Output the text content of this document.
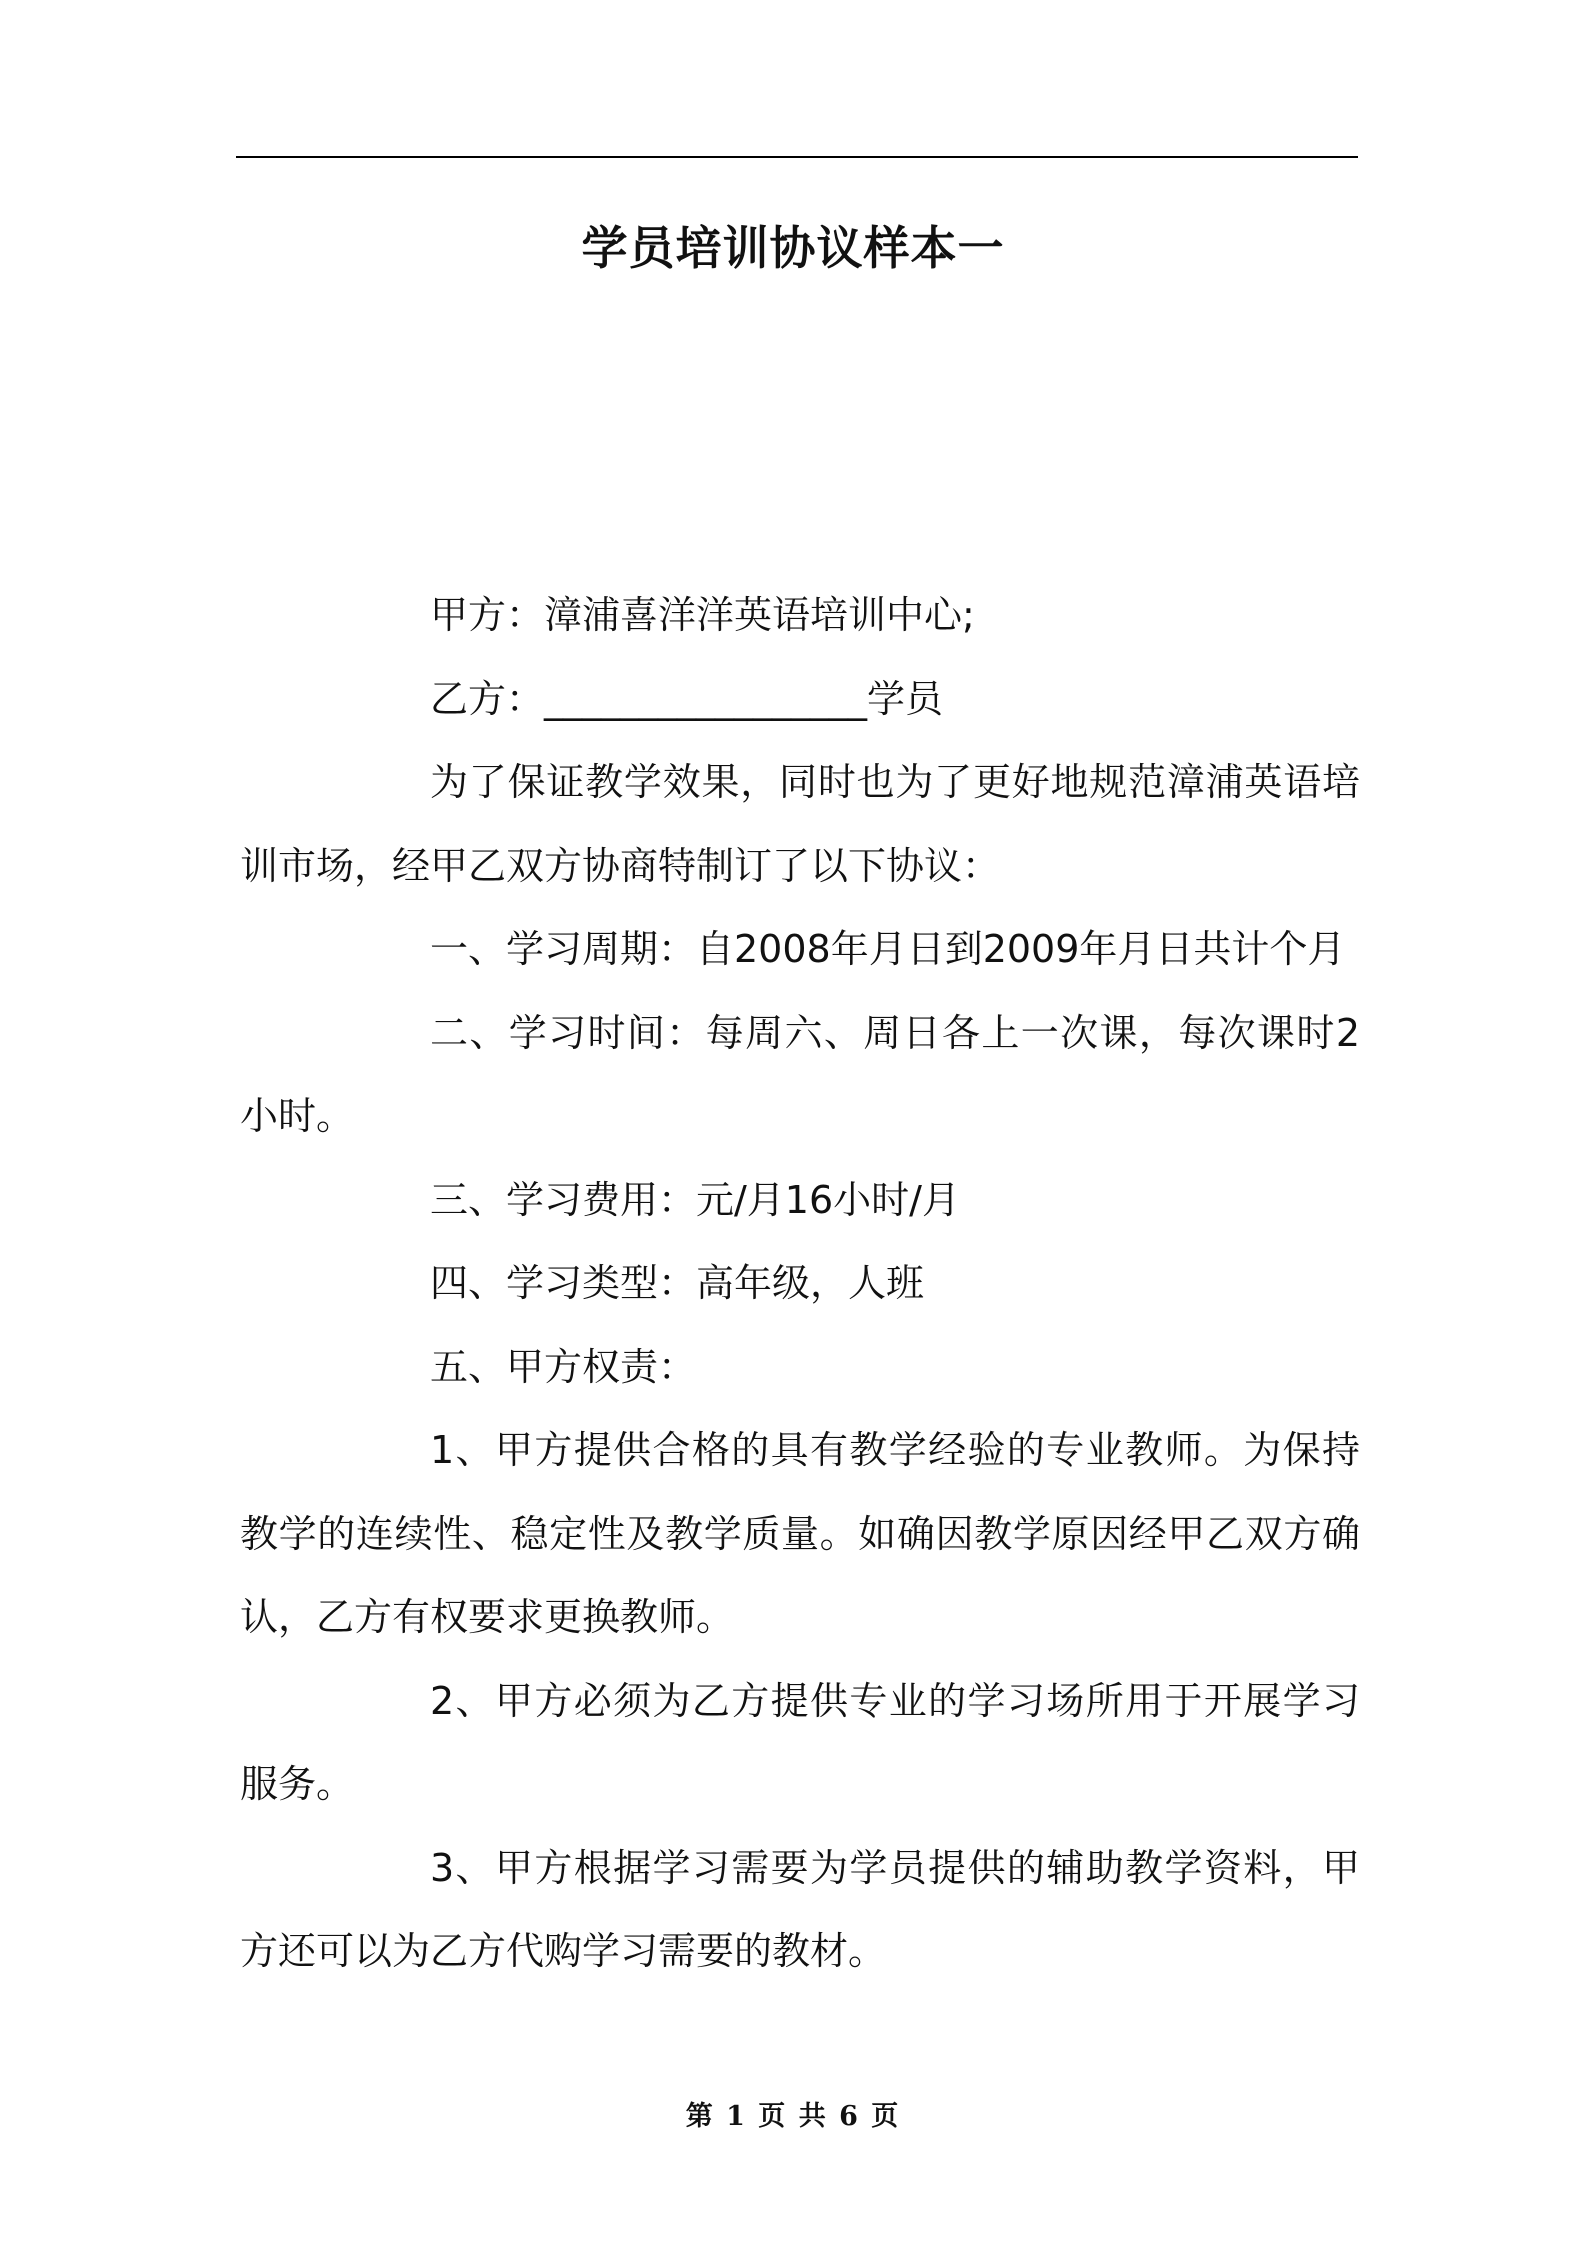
学员培训协议样本一

甲方：漳浦喜洋洋英语培训中心;

乙方：_________________学员

为了保证教学效果，同时也为了更好地规范漳浦英语培训市场，经甲乙双方协商特制订了以下协议：

一、学习周期：自2008年月日到2009年月日共计个月

二、学习时间：每周六、周日各上一次课，每次课时2小时。

三、学习费用：元/月16小时/月

四、学习类型：高年级，人班

五、甲方权责：

1、甲方提供合格的具有教学经验的专业教师。为保持教学的连续性、稳定性及教学质量。如确因教学原因经甲乙双方确认，乙方有权要求更换教师。

2、甲方必须为乙方提供专业的学习场所用于开展学习服务。

3、甲方根据学习需要为学员提供的辅助教学资料，甲方还可以为乙方代购学习需要的教材。

第 1 页 共 6 页
